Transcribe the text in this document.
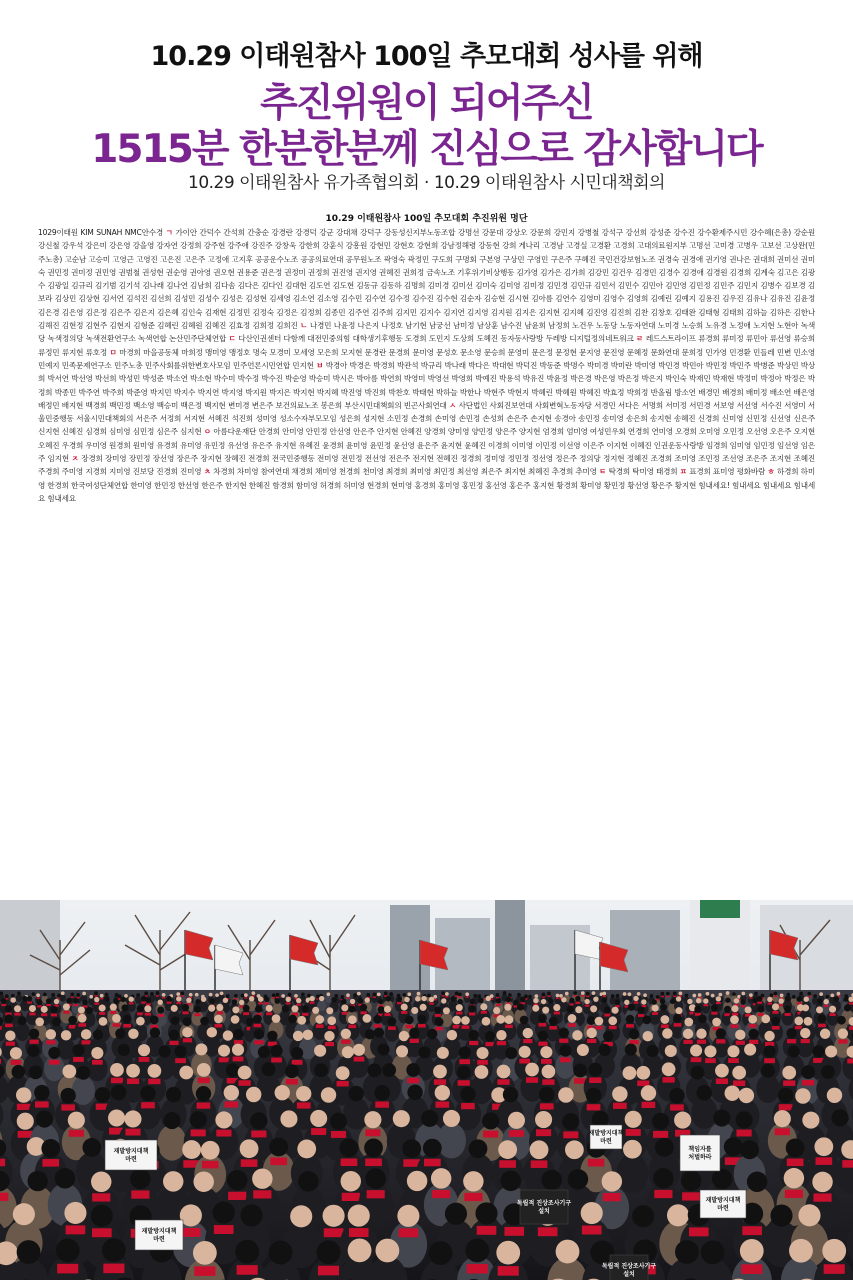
10.29 이태원참사 100일 추모대회 성사를 위해
추진위원이 되어주신
1515분 한분한분께 진심으로 감사합니다
10.29 이태원참사 유가족협의회 · 10.29 이태원참사 시민대책회의
10.29 이태원참사 100일 추모대회 추진위원 명단
1029이태원 KIM SUNAH NMC안수경 ㄱ 가이안 간덕수 간석희 간충순 강경란 강경덕 강군 강대채 강덕구 강동성신지부노동조합 강명선 강문대 강상오 강문희 강민지 강병철 강석구 강선희 강성준 강수진 강수환제주시민 강수혜(은총) 강순원 강신철 강우석 강은미 강은영 강을영 강자연 강정희 강주현 강주애 강진주 강창욱 강한희 강훈식 강흥원 강현민 강현호 강현희 강남정해령 강동현 강희 게나리 고경남 고경실 고경환 고경희 고대의료원지부 고명선 고미경 고병우 고보선 고상완(민주노총) 고순남 고승미 고영근 고영진 고은진 고은주 고정애 고지후 공공운수노조 공공의료연대 공무원노조 곽영숙 곽정민 구도희 구명회 구본영 구상민 구영민 구은주 구혜진 국민건강보험노조 권경숙 권경애 권기영 권나은 권대희 권미선 권미숙 권민정 권미정 권민영 권범철 권성현 권순영 권아영 권오현 권용준 권은정 권정미 권정희 권진영 권지영 권혜진 권희정 금속노조 기후위기비상행동 김가영 김가은 김가희 김강민 김건우 김경민 김경수 김경애 김경원 김경희 김계숙 김고은 김광수 김광일 김규리 김기범 김기석 김나래 김나연 김남희 김다솜 김다은 김다인 김대현 김도연 김도현 김동규 김동하 김명희 김미경 김미선 김미숙 김미영 김미정 김민경 김민규 김민서 김민수 김민아 김민영 김민정 김민주 김민지 김병수 김보경 김보라 김상민 김상현 김서연 김석진 김선희 김성민 김성수 김성은 김성현 김세영 김소연 김소영 김수민 김수연 김수정 김수진 김수현 김순자 김승현 김시현 김아름 김연수 김영미 김영수 김영희 김예린 김예지 김용진 김우진 김유나 김유진 김윤정 김은경 김은영 김은정 김은주 김은지 김은혜 김인숙 김재현 김정민 김정숙 김정은 김정희 김종민 김주연 김주희 김지민 김지수 김지연 김지영 김지원 김지은 김지현 김지혜 김진영 김진희 김찬 김창호 김태완 김태형 김태희 김하늘 김하은 김한나 김해진 김현정 김현주 김현지 김형준 김혜린 김혜원 김혜진 김효정 김희정 김희진 ㄴ 나경민 나윤정 나은지 나정호 남기현 남궁선 남미정 남상훈 남수진 남윤희 남정희 노건우 노동당 노동자연대 노미경 노승희 노유경 노정애 노지현 노현아 녹색당 녹색정의당 녹색전환연구소 녹색연합 논산민주단체연합 ㄷ 다산인권센터 다함께 대전민중의힘 대학생기후행동 도경희 도민지 도상희 도혜진 동자동사랑방 두레방 디지털정의네트워크 ㄹ 레드스트라이프 류경희 류미정 류민아 류선영 류승희 류정민 류지현 류호정 ㅁ 마경희 마을공동체 마희정 맹미영 맹정호 명숙 모경미 모세영 모은희 모지현 문경란 문경희 문미영 문성호 문소영 문승희 문영미 문은정 문정현 문지영 문진영 문혜정 문화연대 문희정 민가영 민경환 민들레 민변 민소영 민예지 민족문제연구소 민주노총 민주사회를위한변호사모임 민주언론시민연합 민지현 ㅂ 박경아 박경은 박경희 박관석 박규리 박나래 박다은 박대현 박덕진 박동준 박명수 박미경 박미란 박미영 박민경 박민아 박민정 박민주 박병준 박상민 박상희 박서연 박선영 박선희 박성민 박성준 박소연 박소현 박수미 박수정 박수진 박순영 박승미 박시은 박아름 박연희 박영미 박영선 박영희 박예진 박용석 박유진 박윤정 박은경 박은영 박은정 박은지 박인숙 박재민 박재현 박정미 박정아 박정은 박정희 박종민 박주연 박주희 박준영 박지민 박지수 박지연 박지영 박지원 박지은 박지현 박지혜 박진영 박진희 박찬호 박태현 박하늘 박한나 박현주 박현지 박혜린 박혜원 박혜진 박효정 박희정 반올림 방소연 배경민 배경희 배미정 배소연 배은영 배정민 배지현 백경희 백민정 백소영 백승미 백은정 백지현 변미경 변은주 보건의료노조 봉은희 부산시민대책회의 빈곤사회연대 ㅅ 사단법인 사회진보연대 사회변혁노동자당 서경민 서다은 서명희 서미정 서민경 서보영 서선영 서수진 서영미 서울민중행동 서울시민대책회의 서은주 서정희 서지현 서혜진 석진희 성미영 성소수자부모모임 성은희 성지현 소민정 손경희 손미영 손민정 손성희 손은주 손지현 송경아 송민정 송미영 송은희 송지현 송혜진 신경희 신미영 신민정 신선영 신은주 신지현 신혜진 심경희 심미영 심민정 심은주 심지현 ㅇ 아름다운재단 안경희 안미영 안민정 안선영 안은주 안지현 안혜진 양경희 양미영 양민정 양은주 양지현 엄경희 엄미영 여성민우회 연경희 연미영 오경희 오미영 오민정 오선영 오은주 오지현 오혜진 우경희 우미영 원경희 원미영 유경희 유미영 유민정 유선영 유은주 유지현 유혜진 윤경희 윤미영 윤민정 윤선영 윤은주 윤지현 윤혜진 이경희 이미영 이민정 이선영 이은주 이지현 이혜진 인권운동사랑방 임경희 임미영 임민정 임선영 임은주 임지현 ㅈ 장경희 장미영 장민정 장선영 장은주 장지현 장혜진 전경희 전국민중행동 전미영 전민정 전선영 전은주 전지현 전혜진 정경희 정미영 정민정 정선영 정은주 정의당 정지현 정혜진 조경희 조미영 조민정 조선영 조은주 조지현 조혜진 주경희 주미영 지경희 지미영 진보당 진경희 진미영 ㅊ 차경희 차미영 참여연대 채경희 채미영 천경희 천미영 최경희 최미영 최민정 최선영 최은주 최지현 최혜진 추경희 추미영 ㅌ 탁경희 탁미영 태경희 ㅍ 표경희 표미영 평화바람 ㅎ 하경희 하미영 한경희 한국여성단체연합 한미영 한민정 한선영 한은주 한지현 한혜진 함경희 함미영 허경희 허미영 현경희 현미영 홍경희 홍미영 홍민정 홍선영 홍은주 홍지현 황경희 황미영 황민정 황선영 황은주 황지현 힘내세요! 힘내세요 힘내세요 힘내세요 힘내세요
재발방지대책
마련
재발방지대책
마련
독립적 진상조사기구
설치
책임자를
처벌하라
재발방지대책
마련
독립적 진상조사기구
설치
재발방지대책
마련
